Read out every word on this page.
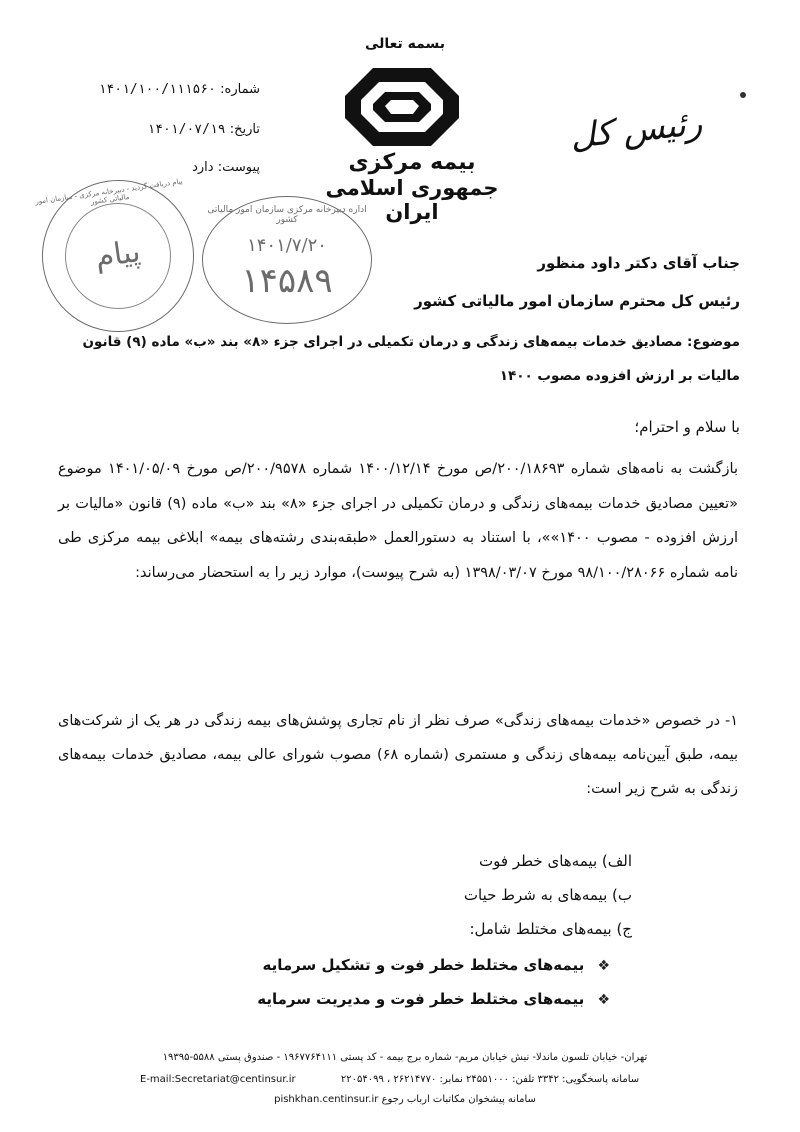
بسمه تعالی
بیمه مرکزی
جمهوری اسلامی ایران
شماره: ۱۴۰۱/۱۰۰/۱۱۱۵۶۰
تاریخ: ۱۴۰۱/۰۷/۱۹
پیوست: دارد
رئیس کل
پیام دریافت گردید - دبیرخانه مرکزی - سازمان امور مالیاتی کشور
پیام
اداره دبیرخانه مرکزی سازمان امور مالیاتی کشور
۱۴۰۱/۷/۲۰
۱۴۵۸۹	جناب آقای دکتر داود منظور
رئیس کل محترم سازمان امور مالیاتی کشور
موضوع: مصادیق خدمات بیمه‌های زندگی و درمان تکمیلی در اجرای جزء «۸» بند «ب» ماده (۹) قانون
مالیات بر ارزش افزوده مصوب ۱۴۰۰
با سلام و احترام؛
بازگشت به نامه‌های شماره ۲۰۰/۱۸۶۹۳/ص مورخ ۱۴۰۰/۱۲/۱۴ شماره ۲۰۰/۹۵۷۸/ص مورخ ۱۴۰۱/۰۵/۰۹ موضوع «تعیین مصادیق خدمات بیمه‌های زندگی و درمان تکمیلی در اجرای جزء «۸» بند «ب» ماده (۹) قانون «مالیات بر ارزش افزوده - مصوب ۱۴۰۰»»، با استناد به دستورالعمل «طبقه‌بندی رشته‌های بیمه» ابلاغی بیمه مرکزی طی نامه شماره ۹۸/۱۰۰/۲۸۰۶۶ مورخ ۱۳۹۸/۰۳/۰۷ (به شرح پیوست)، موارد زیر را به استحضار می‌رساند:
۱- در خصوص «خدمات بیمه‌های زندگی» صرف نظر از نام تجاری پوشش‌های بیمه زندگی در هر یک از شرکت‌های بیمه، طبق آیین‌نامه بیمه‌های زندگی و مستمری (شماره ۶۸) مصوب شورای عالی بیمه، مصادیق خدمات بیمه‌های زندگی به شرح زیر است:
الف) بیمه‌های خطر فوت
ب) بیمه‌های به شرط حیات
ج) بیمه‌های مختلط شامل:
❖ بیمه‌های مختلط خطر فوت و تشکیل سرمایه
❖ بیمه‌های مختلط خطر فوت و مدیریت سرمایه
تهران- خیابان تلسون ماندلا- نبش خیابان مریم- شماره برج بیمه - کد پستی ۱۹۶۷۷۶۴۱۱۱ - صندوق پستی ۵۵۸۸-۱۹۳۹۵
سامانه پاسخگویی: ۳۳۴۲ تلفن: ۲۴۵۵۱۰۰۰ نمابر: ۲۶۲۱۴۷۷۰ ، ۲۲۰۵۴۰۹۹
E-mail:Secretariat@centinsur.ir
سامانه پیشخوان مکاتبات ارباب رجوع pishkhan.centinsur.ir
